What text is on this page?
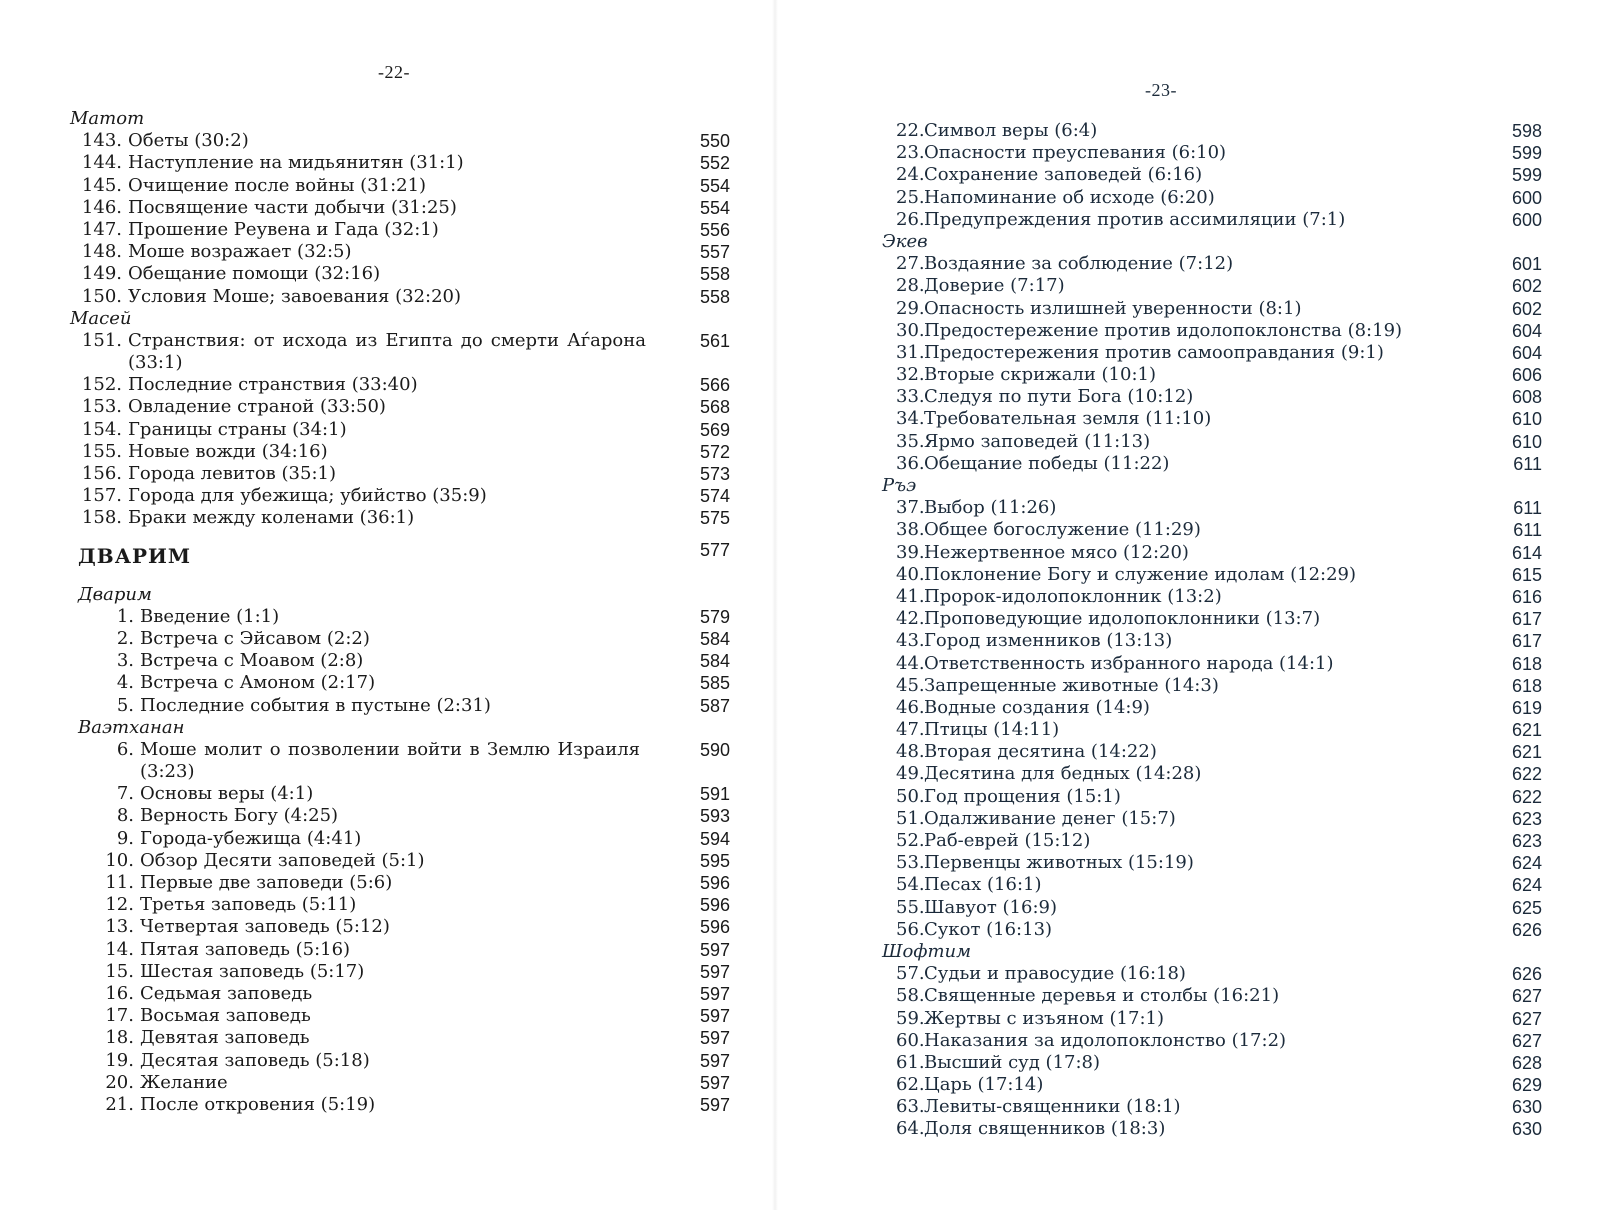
-22-
Матот
143. Обеты (30:2)	550
144. Наступление на мидьянитян (31:1)	552
145. Очищение после войны (31:21)	554
146. Посвящение части добычи (31:25)	554
147. Прошение Реувена и Гада (32:1)	556
148. Моше возражает (32:5)	557
149. Обещание помощи (32:16)	558
150. Условия Моше; завоевания (32:20)	558
Масей
151. Странствия: от исхода из Египта до смерти Аѓарона (33:1)
561
152. Последние странствия (33:40)	566
153. Овладение страной (33:50)	568
154. Границы страны (34:1)	569
155. Новые вожди (34:16)	572
156. Города левитов (35:1)	573
157. Города для убежища; убийство (35:9)	574
158. Браки между коленами (36:1)	575
ДВАРИМ	577
Дварим
1. Введение (1:1)	579
2. Встреча с Эйсавом (2:2)	584
3. Встреча с Моавом (2:8)	584
4. Встреча с Амоном (2:17)	585
5. Последние события в пустыне (2:31)	587
Ваэтханан
6. Моше молит о позволении войти в Землю Израиля (3:23)
590
7. Основы веры (4:1)	591
8. Верность Богу (4:25)	593
9. Города-убежища (4:41)	594
10. Обзор Десяти заповедей (5:1)	595
11. Первые две заповеди (5:6)	596
12. Третья заповедь (5:11)	596
13. Четвертая заповедь (5:12)	596
14. Пятая заповедь (5:16)	597
15. Шестая заповедь (5:17)	597
16. Седьмая заповедь	597
17. Восьмая заповедь	597
18. Девятая заповедь	597
19. Десятая заповедь (5:18)	597
20. Желание	597
21. После откровения (5:19)	597
-23-
22. Символ веры (6:4)	598
23. Опасности преуспевания (6:10)	599
24. Сохранение заповедей (6:16)	599
25. Напоминание об исходе (6:20)	600
26. Предупреждения против ассимиляции (7:1)	600
Экев
27. Воздаяние за соблюдение (7:12)	601
28. Доверие (7:17)	602
29. Опасность излишней уверенности (8:1)	602
30. Предостережение против идолопоклонства (8:19)	604
31. Предостережения против самооправдания (9:1)	604
32. Вторые скрижали (10:1)	606
33. Следуя по пути Бога (10:12)	608
34. Требовательная земля (11:10)	610
35. Ярмо заповедей (11:13)	610
36. Обещание победы (11:22)	611
Ръэ
37. Выбор (11:26)	611
38. Общее богослужение (11:29)	611
39. Нежертвенное мясо (12:20)	614
40. Поклонение Богу и служение идолам (12:29)	615
41. Пророк-идолопоклонник (13:2)	616
42. Проповедующие идолопоклонники (13:7)	617
43. Город изменников (13:13)	617
44. Ответственность избранного народа (14:1)	618
45. Запрещенные животные (14:3)	618
46. Водные создания (14:9)	619
47. Птицы (14:11)	621
48. Вторая десятина (14:22)	621
49. Десятина для бедных (14:28)	622
50. Год прощения (15:1)	622
51. Одалживание денег (15:7)	623
52. Раб-еврей (15:12)	623
53. Первенцы животных (15:19)	624
54. Песах (16:1)	624
55. Шавуот (16:9)	625
56. Сукот (16:13)	626
Шофтим
57. Судьи и правосудие (16:18)	626
58. Священные деревья и столбы (16:21)	627
59. Жертвы с изъяном (17:1)	627
60. Наказания за идолопоклонство (17:2)	627
61. Высший суд (17:8)	628
62. Царь (17:14)	629
63. Левиты-священники (18:1)	630
64. Доля священников (18:3)	630
